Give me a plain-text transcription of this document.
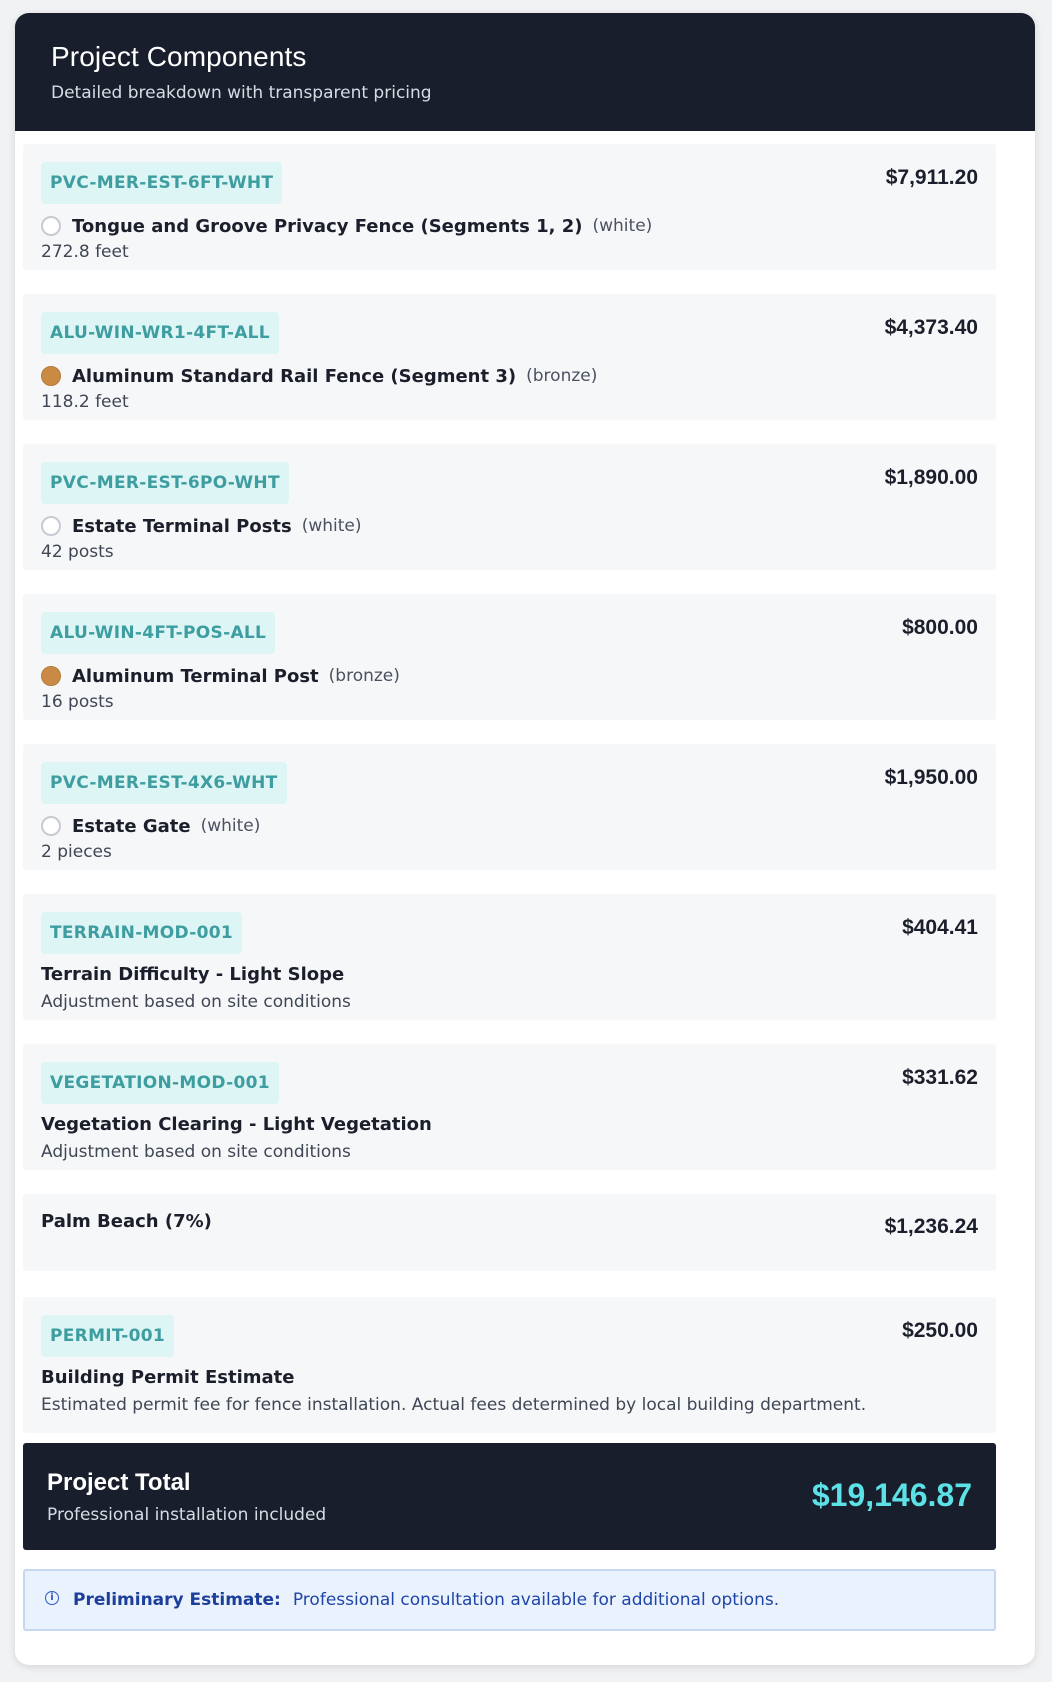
Project Components
Detailed breakdown with transparent pricing
PVC-MER-EST-6FT-WHT	$7,911.20
Tongue and Groove Privacy Fence (Segments 1, 2) (white)
272.8 feet
ALU-WIN-WR1-4FT-ALL	$4,373.40
Aluminum Standard Rail Fence (Segment 3) (bronze)
118.2 feet
PVC-MER-EST-6PO-WHT	$1,890.00
Estate Terminal Posts (white)
42 posts
ALU-WIN-4FT-POS-ALL	$800.00
Aluminum Terminal Post (bronze)
16 posts
PVC-MER-EST-4X6-WHT	$1,950.00
Estate Gate (white)
2 pieces
TERRAIN-MOD-001	$404.41
Terrain Difficulty - Light Slope
Adjustment based on site conditions
VEGETATION-MOD-001	$331.62
Vegetation Clearing - Light Vegetation
Adjustment based on site conditions
Palm Beach (7%)	$1,236.24
PERMIT-001	$250.00
Building Permit Estimate
Estimated permit fee for fence installation. Actual fees determined by local building department.
Project Total
Professional installation included
$19,146.87
i	Preliminary Estimate: Professional consultation available for additional options.
